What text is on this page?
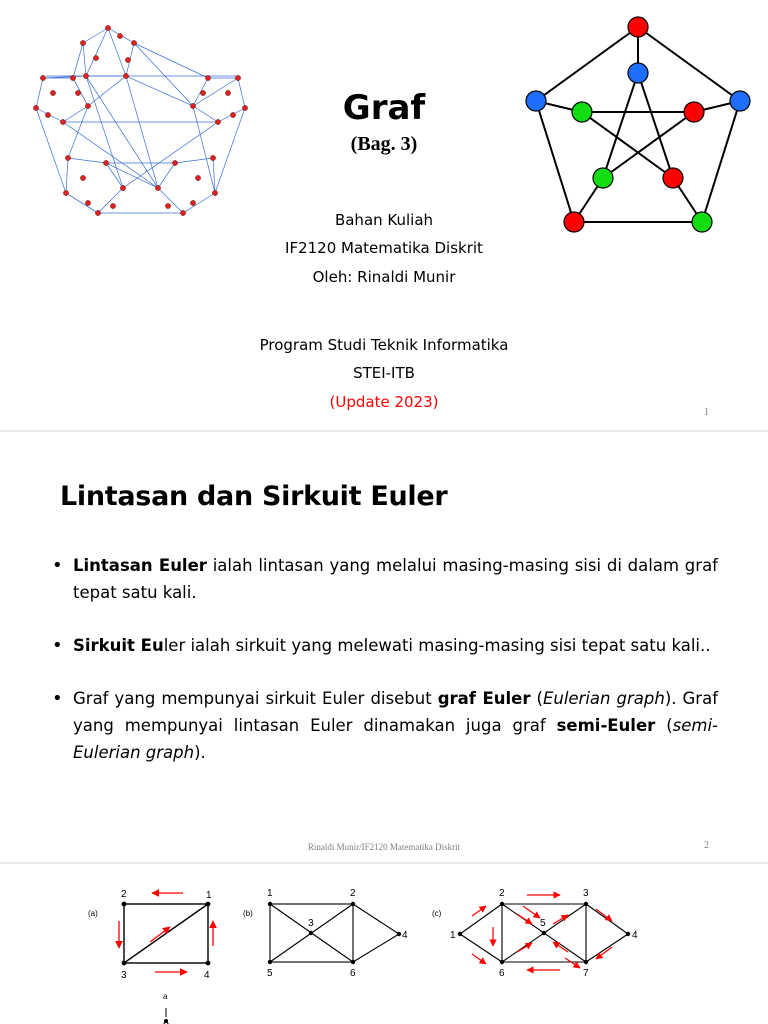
Graf
(Bag. 3)
Bahan Kuliah
IF2120 Matematika Diskrit
Oleh: Rinaldi Munir
Program Studi Teknik Informatika
STEI-ITB
(Update 2023)
1
Lintasan dan Sirkuit Euler
• Lintasan Euler ialah lintasan yang melalui masing-masing sisi di dalam graf tepat satu kali.
• Sirkuit Euler ialah sirkuit yang melewati masing-masing sisi tepat satu kali..
• Graf yang mempunyai sirkuit Euler disebut graf Euler (Eulerian graph). Graf yang mempunyai lintasan Euler dinamakan juga graf semi-Euler (semi-Eulerian graph).
Rinaldi Munir/IF2120 Matematika Diskrit	2
(a)
2	1
3	4
(b)
1	2
3
4
5	6
(c)
1
2	3
4
5
6	7
a
